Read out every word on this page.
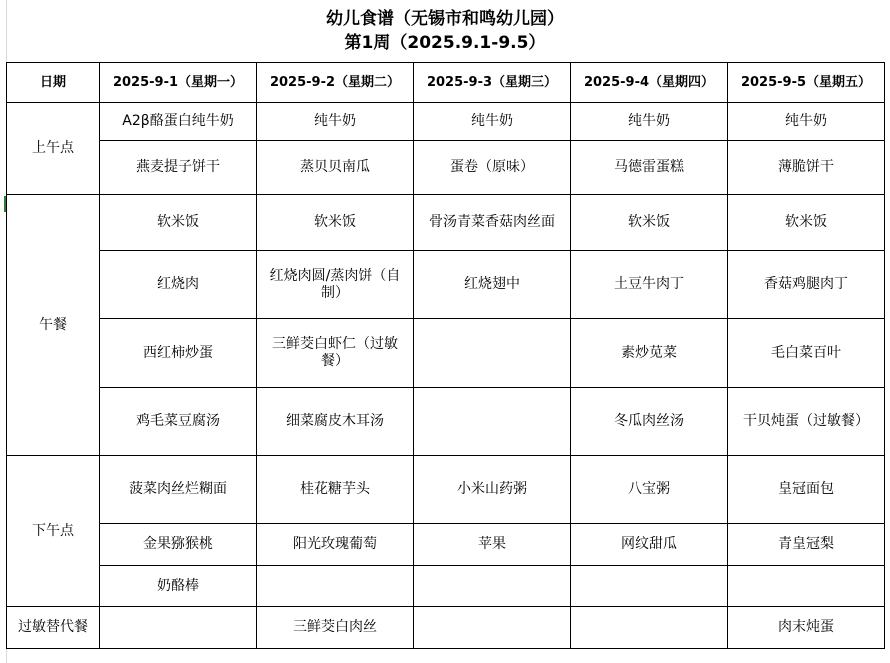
幼儿食谱（无锡市和鸣幼儿园）
第1周（2025.9.1-9.5）
日期	2025-9-1（星期一）	2025-9-2（星期二）	2025-9-3（星期三）	2025-9-4（星期四）	2025-9-5（星期五）
上午点	A2β酪蛋白纯牛奶	纯牛奶	纯牛奶	纯牛奶	纯牛奶
	燕麦提子饼干	蒸贝贝南瓜	蛋卷（原味）	马德雷蛋糕	薄脆饼干
午餐	软米饭	软米饭	骨汤青菜香菇肉丝面	软米饭	软米饭
	红烧肉	红烧肉圆/蒸肉饼（自制）	红烧翅中	土豆牛肉丁	香菇鸡腿肉丁
	西红柿炒蛋	三鲜茭白虾仁（过敏餐）		素炒苋菜	毛白菜百叶
	鸡毛菜豆腐汤	细菜腐皮木耳汤		冬瓜肉丝汤	干贝炖蛋（过敏餐）
下午点	菠菜肉丝烂糊面	桂花糖芋头	小米山药粥	八宝粥	皇冠面包
	金果猕猴桃	阳光玫瑰葡萄	苹果	网纹甜瓜	青皇冠梨
	奶酪棒				
过敏替代餐		三鲜茭白肉丝			肉末炖蛋
